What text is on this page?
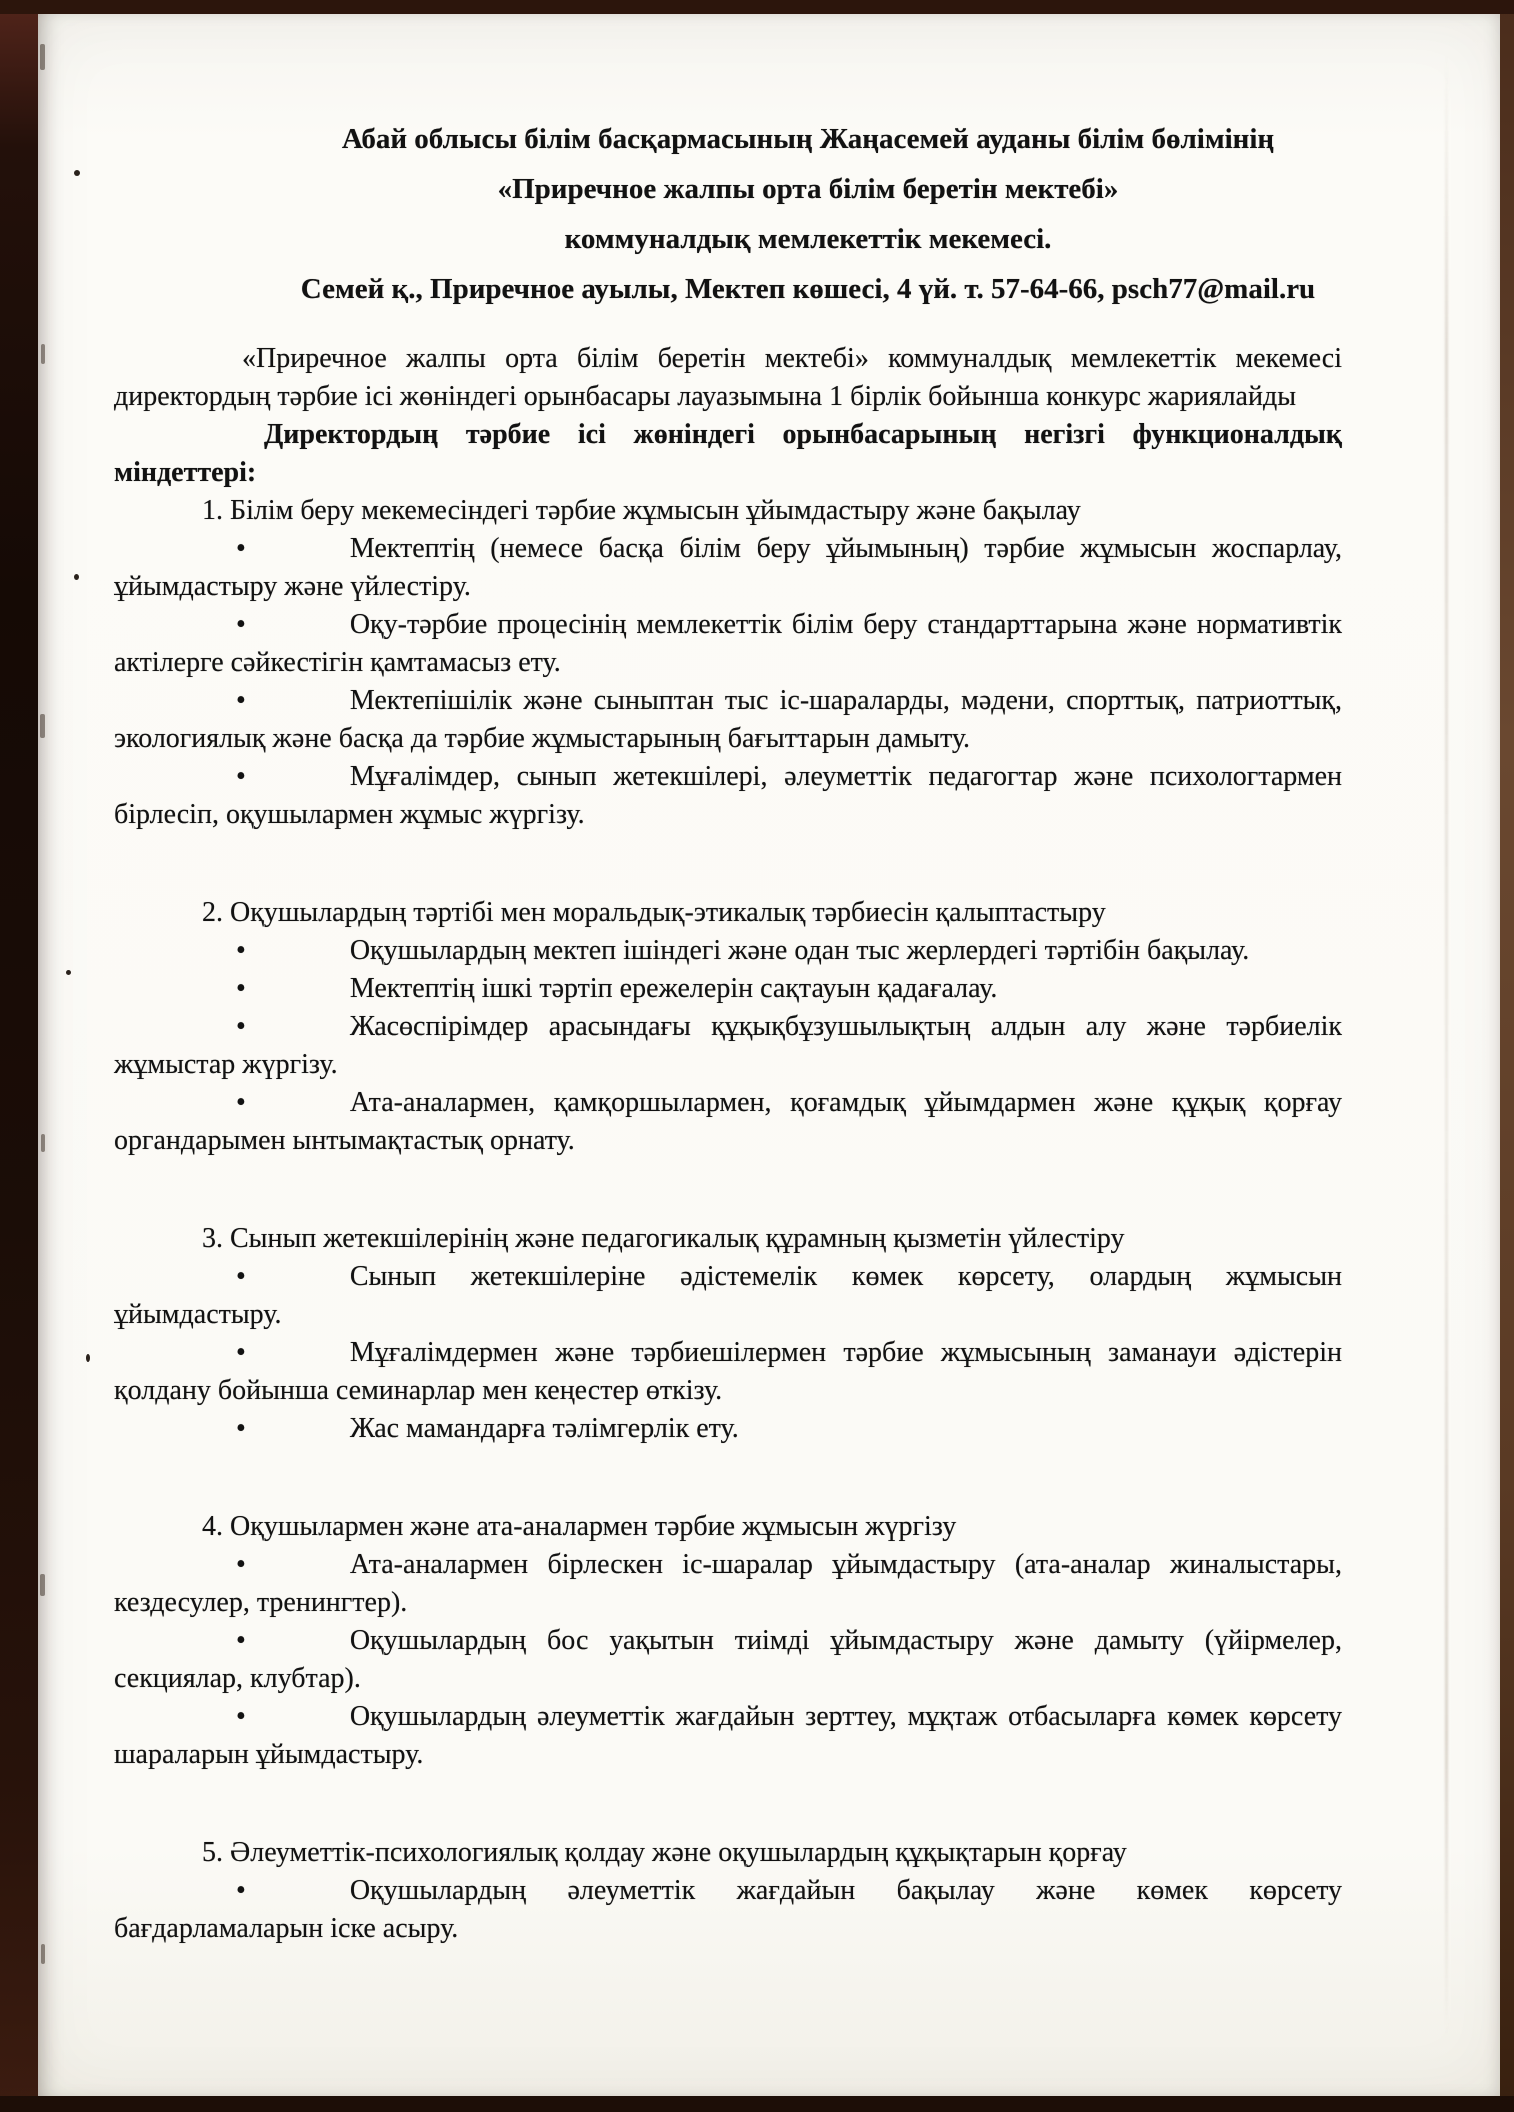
Абай облысы білім басқармасының Жаңасемей ауданы білім бөлімінің
«Приречное жалпы орта білім беретін мектебі»
коммуналдық мемлекеттік мекемесі.
Семей қ., Приречное ауылы, Мектеп көшесі, 4 үй. т. 57-64-66, psch77@mail.ru

«Приречное жалпы орта білім беретін мектебі» коммуналдық мемлекеттік мекемесі директордың тәрбие ісі жөніндегі орынбасары лауазымына 1 бірлік бойынша конкурс жариялайды

Директордың тәрбие ісі жөніндегі орынбасарының негізгі функционалдық міндеттері:

1. Білім беру мекемесіндегі тәрбие жұмысын ұйымдастыру және бақылау

•	Мектептің (немесе басқа білім беру ұйымының) тәрбие жұмысын жоспарлау, ұйымдастыру және үйлестіру.

•	Оқу-тәрбие процесінің мемлекеттік білім беру стандарттарына және нормативтік актілерге сәйкестігін қамтамасыз ету.

•	Мектепішілік және сыныптан тыс іс-шараларды, мәдени, спорттық, патриоттық, экологиялық және басқа да тәрбие жұмыстарының бағыттарын дамыту.

•	Мұғалімдер, сынып жетекшілері, әлеуметтік педагогтар және психологтармен бірлесіп, оқушылармен жұмыс жүргізу.

2. Оқушылардың тәртібі мен моральдық-этикалық тәрбиесін қалыптастыру

•	Оқушылардың мектеп ішіндегі және одан тыс жерлердегі тәртібін бақылау.

•	Мектептің ішкі тәртіп ережелерін сақтауын қадағалау.

•	Жасөспірімдер арасындағы құқықбұзушылықтың алдын алу және тәрбиелік жұмыстар жүргізу.

•	Ата-аналармен, қамқоршылармен, қоғамдық ұйымдармен және құқық қорғау органдарымен ынтымақтастық орнату.

3. Сынып жетекшілерінің және педагогикалық құрамның қызметін үйлестіру

•	Сынып жетекшілеріне әдістемелік көмек көрсету, олардың жұмысын ұйымдастыру.

•	Мұғалімдермен және тәрбиешілермен тәрбие жұмысының заманауи әдістерін қолдану бойынша семинарлар мен кеңестер өткізу.

•	Жас мамандарға тәлімгерлік ету.

4. Оқушылармен және ата-аналармен тәрбие жұмысын жүргізу

•	Ата-аналармен бірлескен іс-шаралар ұйымдастыру (ата-аналар жиналыстары, кездесулер, тренингтер).

•	Оқушылардың бос уақытын тиімді ұйымдастыру және дамыту (үйірмелер, секциялар, клубтар).

•	Оқушылардың әлеуметтік жағдайын зерттеу, мұқтаж отбасыларға көмек көрсету шараларын ұйымдастыру.

5. Әлеуметтік-психологиялық қолдау және оқушылардың құқықтарын қорғау

•	Оқушылардың әлеуметтік жағдайын бақылау және көмек көрсету бағдарламаларын іске асыру.
